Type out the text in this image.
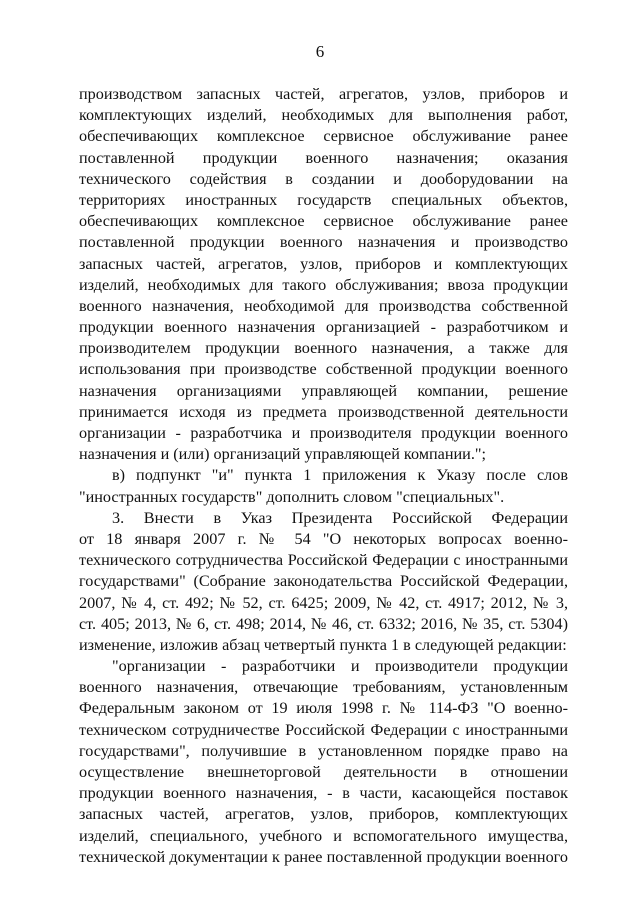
6
производством запасных частей, агрегатов, узлов, приборов и
комплектующих изделий, необходимых для выполнения работ,
обеспечивающих комплексное сервисное обслуживание ранее
поставленной продукции военного назначения; оказания
технического содействия в создании и дооборудовании на
территориях иностранных государств специальных объектов,
обеспечивающих комплексное сервисное обслуживание ранее
поставленной продукции военного назначения и производство
запасных частей, агрегатов, узлов, приборов и комплектующих
изделий, необходимых для такого обслуживания; ввоза продукции
военного назначения, необходимой для производства собственной
продукции военного назначения организацией - разработчиком и
производителем продукции военного назначения, а также для
использования при производстве собственной продукции военного
назначения организациями управляющей компании, решение
принимается исходя из предмета производственной деятельности
организации - разработчика и производителя продукции военного
назначения и (или) организаций управляющей компании.";
в) подпункт "и" пункта 1 приложения к Указу после слов
"иностранных государств" дополнить словом "специальных".
3. Внести в Указ Президента Российской Федерации
от 18 января 2007 г. № 54 "О некоторых вопросах военно-
технического сотрудничества Российской Федерации с иностранными
государствами" (Собрание законодательства Российской Федерации,
2007, № 4, ст. 492; № 52, ст. 6425; 2009, № 42, ст. 4917; 2012, № 3,
ст. 405; 2013, № 6, ст. 498; 2014, № 46, ст. 6332; 2016, № 35, ст. 5304)
изменение, изложив абзац четвертый пункта 1 в следующей редакции:
"организации - разработчики и производители продукции
военного назначения, отвечающие требованиям, установленным
Федеральным законом от 19 июля 1998 г. № 114-ФЗ "О военно-
техническом сотрудничестве Российской Федерации с иностранными
государствами", получившие в установленном порядке право на
осуществление внешнеторговой деятельности в отношении
продукции военного назначения, - в части, касающейся поставок
запасных частей, агрегатов, узлов, приборов, комплектующих
изделий, специального, учебного и вспомогательного имущества,
технической документации к ранее поставленной продукции военного
